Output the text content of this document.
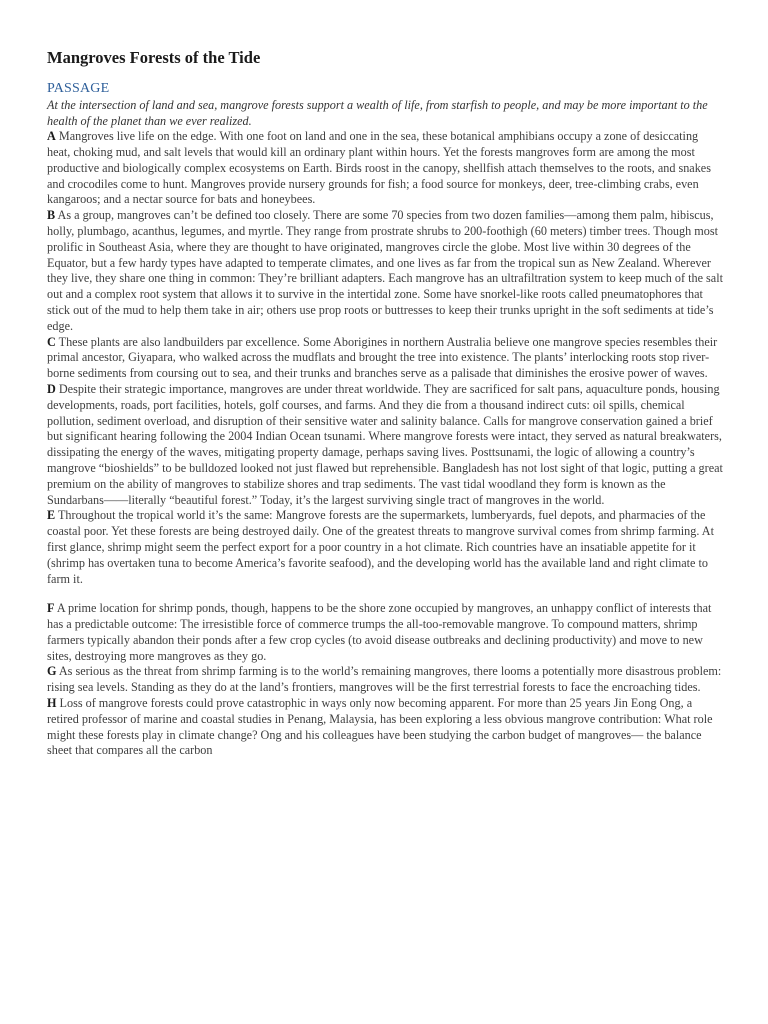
Mangroves Forests of the Tide
PASSAGE

At the intersection of land and sea, mangrove forests support a wealth of life, from starfish to people, and may be more important to the health of the planet than we ever realized.

A Mangroves live life on the edge. With one foot on land and one in the sea, these botanical amphibians occupy a zone of desiccating heat, choking mud, and salt levels that would kill an ordinary plant within hours. Yet the forests mangroves form are among the most productive and biologically complex ecosystems on Earth. Birds roost in the canopy, shellfish attach themselves to the roots, and snakes and crocodiles come to hunt. Mangroves provide nursery grounds for fish; a food source for monkeys, deer, tree-climbing crabs, even kangaroos; and a nectar source for bats and honeybees.

B As a group, mangroves can’t be defined too closely. There are some 70 species from two dozen families—among them palm, hibiscus, holly, plumbago, acanthus, legumes, and myrtle. They range from prostrate shrubs to 200-foothigh (60 meters) timber trees. Though most prolific in Southeast Asia, where they are thought to have originated, mangroves circle the globe. Most live within 30 degrees of the Equator, but a few hardy types have adapted to temperate climates, and one lives as far from the tropical sun as New Zealand. Wherever they live, they share one thing in common: They’re brilliant adapters. Each mangrove has an ultrafiltration system to keep much of the salt out and a complex root system that allows it to survive in the intertidal zone. Some have snorkel-like roots called pneumatophores that stick out of the mud to help them take in air; others use prop roots or buttresses to keep their trunks upright in the soft sediments at tide’s edge.

C These plants are also landbuilders par excellence. Some Aborigines in northern Australia believe one mangrove species resembles their primal ancestor, Giyapara, who walked across the mudflats and brought the tree into existence. The plants’ interlocking roots stop river-borne sediments from coursing out to sea, and their trunks and branches serve as a palisade that diminishes the erosive power of waves.

D Despite their strategic importance, mangroves are under threat worldwide. They are sacrificed for salt pans, aquaculture ponds, housing developments, roads, port facilities, hotels, golf courses, and farms. And they die from a thousand indirect cuts: oil spills, chemical pollution, sediment overload, and disruption of their sensitive water and salinity balance. Calls for mangrove conservation gained a brief but significant hearing following the 2004 Indian Ocean tsunami. Where mangrove forests were intact, they served as natural breakwaters, dissipating the energy of the waves, mitigating property damage, perhaps saving lives. Posttsunami, the logic of allowing a country’s mangrove “bioshields” to be bulldozed looked not just flawed but reprehensible. Bangladesh has not lost sight of that logic, putting a great premium on the ability of mangroves to stabilize shores and trap sediments. The vast tidal woodland they form is known as the Sundarbans——literally “beautiful forest.” Today, it’s the largest surviving single tract of mangroves in the world.

E Throughout the tropical world it’s the same: Mangrove forests are the supermarkets, lumberyards, fuel depots, and pharmacies of the coastal poor. Yet these forests are being destroyed daily. One of the greatest threats to mangrove survival comes from shrimp farming. At first glance, shrimp might seem the perfect export for a poor country in a hot climate. Rich countries have an insatiable appetite for it (shrimp has overtaken tuna to become America’s favorite seafood), and the developing world has the available land and right climate to farm it.

F A prime location for shrimp ponds, though, happens to be the shore zone occupied by mangroves, an unhappy conflict of interests that has a predictable outcome: The irresistible force of commerce trumps the all-too-removable mangrove. To compound matters, shrimp farmers typically abandon their ponds after a few crop cycles (to avoid disease outbreaks and declining productivity) and move to new sites, destroying more mangroves as they go.

G As serious as the threat from shrimp farming is to the world’s remaining mangroves, there looms a potentially more disastrous problem: rising sea levels. Standing as they do at the land’s frontiers, mangroves will be the first terrestrial forests to face the encroaching tides.

H Loss of mangrove forests could prove catastrophic in ways only now becoming apparent. For more than 25 years Jin Eong Ong, a retired professor of marine and coastal studies in Penang, Malaysia, has been exploring a less obvious mangrove contribution: What role might these forests play in climate change? Ong and his colleagues have been studying the carbon budget of mangroves— the balance sheet that compares all the carbon
